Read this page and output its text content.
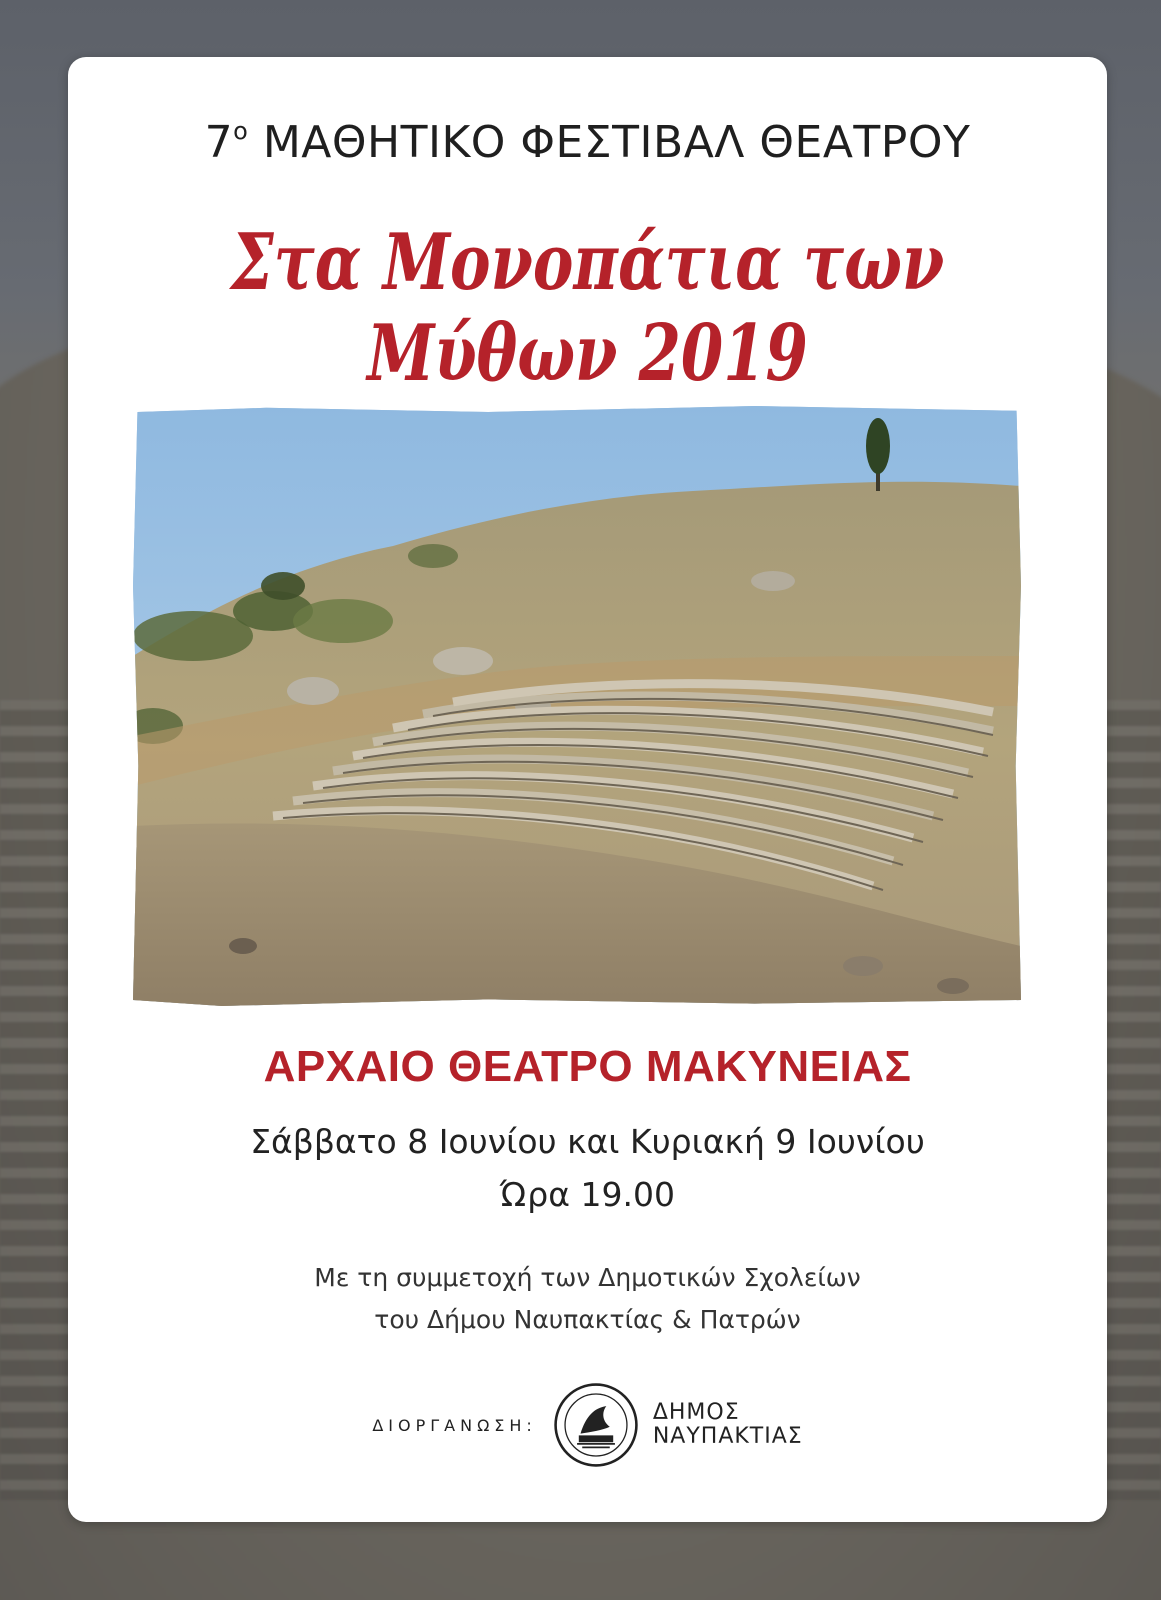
$7^o$ ΜΑΘΗΤΙΚΟ ΦΕΣΤΙΒΑΛ ΘΕΑΤΡΟΥ
Στα Μονοπάτια των Μύθων 2019
ΑΡΧΑΙΟ ΘΕΑΤΡΟ ΜΑΚΥΝΕΙΑΣ
Σάββατο 8 Ιουνίου και Κυριακή 9 Ιουνίου
Ώρα 19.00
Με τη συμμετοχή των Δημοτικών Σχολείων
του Δήμου Ναυπακτίας & Πατρών
ΔΙΟΡΓΑΝΩΣΗ:	ΔΗΜΟΣ
ΝΑΥΠΑΚΤΙΑΣ
